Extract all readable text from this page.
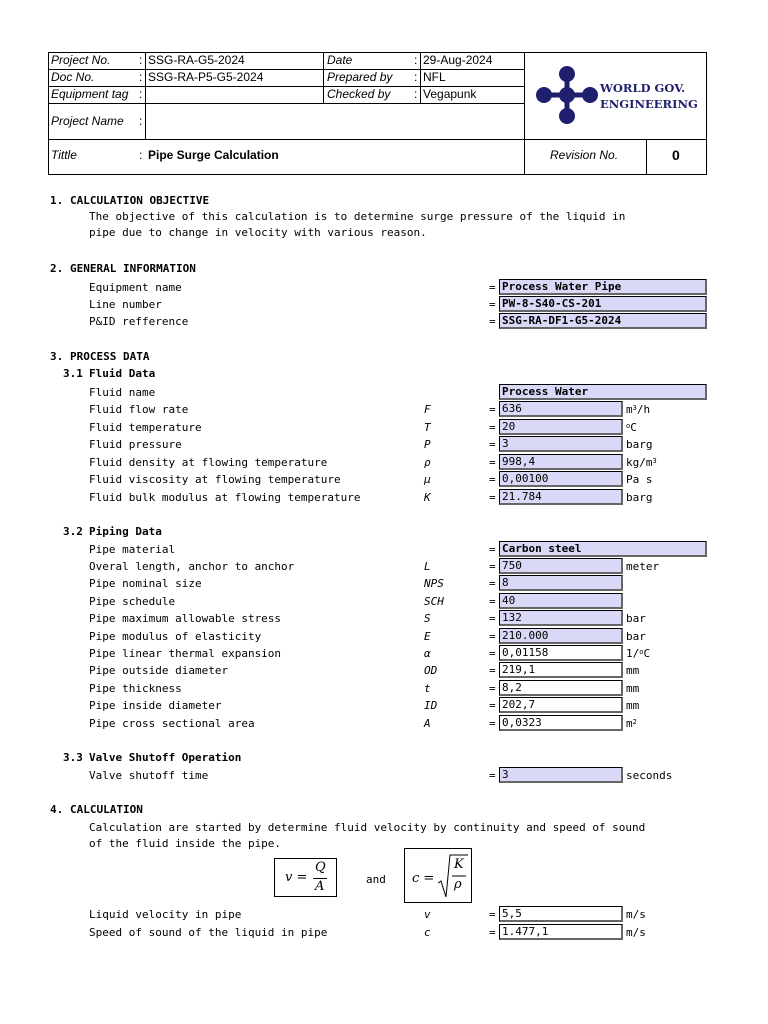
Project No. : SSG-RA-G5-2024
Doc No.	: SSG-RA-P5-G5-2024
Equipment tag :
Project Name :
Tittle	: Pipe Surge Calculation
Date	: 29-Aug-2024
Prepared by : NFL
Checked by : Vegapunk
Revision No.	0
WORLD GOV.
ENGINEERING
1. CALCULATION OBJECTIVE
The objective of this calculation is to determine surge pressure of the liquid in
pipe due to change in velocity with various reason.
2. GENERAL INFORMATION
Equipment name	= Process Water Pipe
Line number	= PW-8-S40-CS-201
P&ID refference	= SSG-RA-DF1-G5-2024
3. PROCESS DATA
3.1 Fluid Data
Fluid name	Process Water
3.2 Piping Data
Pipe material	= Carbon steel
3.3 Valve Shutoff Operation
Valve shutoff time	= 3	seconds
4. CALCULATION
Calculation are started by determine fluid velocity by continuity and speed of sound
of the fluid inside the pipe.
v =
Q
A	and c =
K
ρ
Fluid flow rate	F	= 636	$m^3/h$
Fluid temperature	T	= 20	$^o$C
Fluid pressure	P	= 3	barg
Fluid density at flowing temperature	ρ	= 998,4	$kg/m^3$
Fluid viscosity at flowing temperature	μ	= 0,00100	Pa s
Fluid bulk modulus at flowing temperature	K	= 21.784	barg
Overal length, anchor to anchor	L	= 750	meter
Pipe nominal size	NPS	= 8
Pipe schedule	SCH	= 40
Pipe maximum allowable stress	S	= 132	bar
Pipe modulus of elasticity	E	= 210.000	bar
Pipe linear thermal expansion	α	= 0,01158	1/$^o$C
Pipe outside diameter	OD	= 219,1	mm
Pipe thickness	t	= 8,2	mm
Pipe inside diameter	ID	= 202,7	mm
Pipe cross sectional area	A	= 0,0323	$m^2$
Liquid velocity in pipe	v	= 5,5	m/s
Speed of sound of the liquid in pipe	c	= 1.477,1	m/s
